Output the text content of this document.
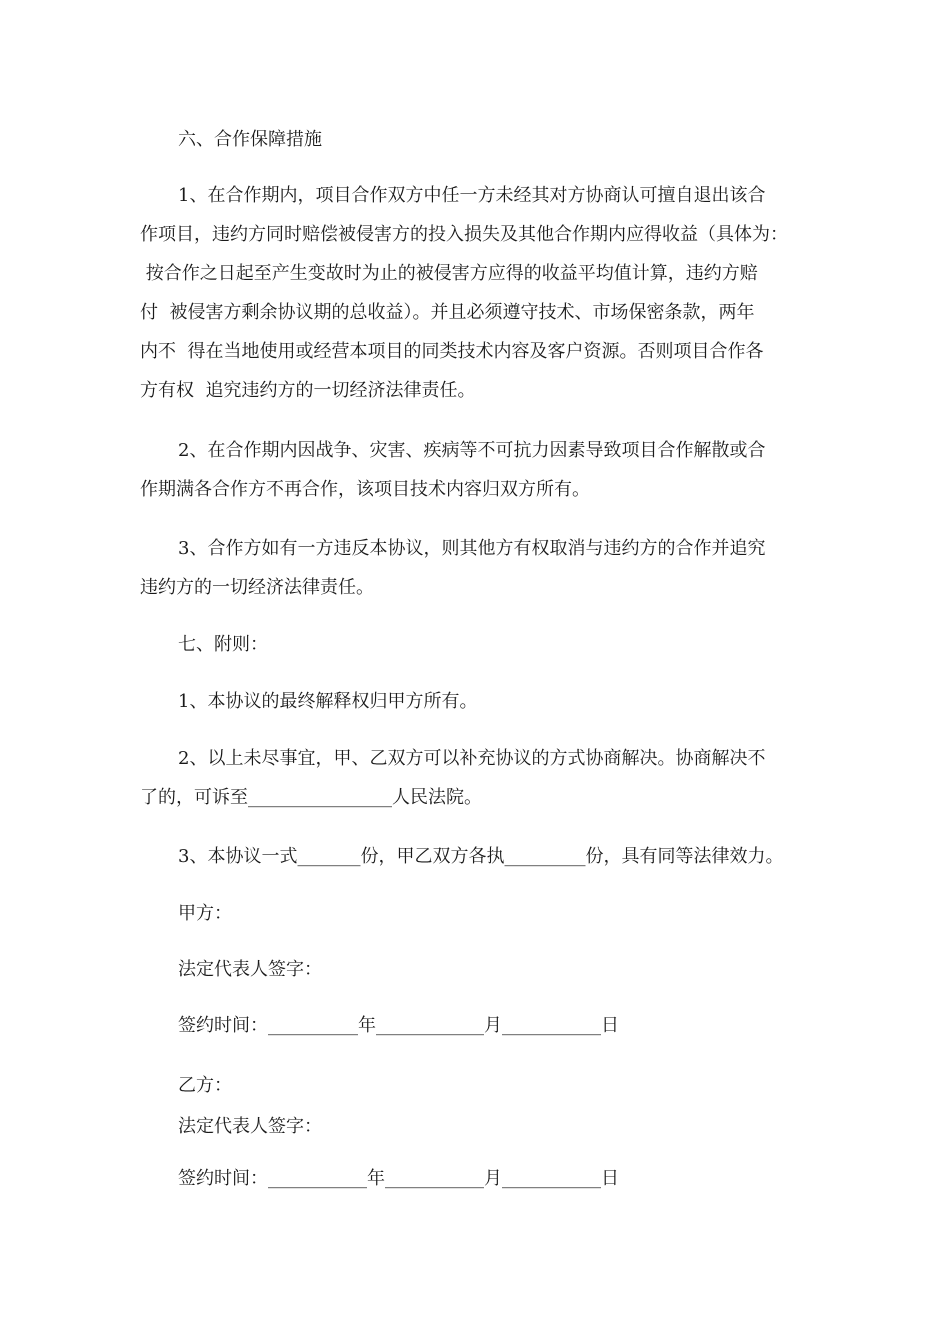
六、合作保障措施
1、在合作期内，项目合作双方中任一方未经其对方协商认可擅自退出该合
作项目，违约方同时赔偿被侵害方的投入损失及其他合作期内应得收益（具体为：
按合作之日起至产生变故时为止的被侵害方应得的收益平均值计算，违约方赔
付  被侵害方剩余协议期的总收益）。并且必须遵守技术、市场保密条款，两年
内不  得在当地使用或经营本项目的同类技术内容及客户资源。否则项目合作各
方有权  追究违约方的一切经济法律责任。
2、在合作期内因战争、灾害、疾病等不可抗力因素导致项目合作解散或合
作期满各合作方不再合作，该项目技术内容归双方所有。
3、合作方如有一方违反本协议，则其他方有权取消与违约方的合作并追究
违约方的一切经济法律责任。
七、附则：
1、本协议的最终解释权归甲方所有。
2、以上未尽事宜，甲、乙双方可以补充协议的方式协商解决。协商解决不
了的，可诉至________________人民法院。
3、本协议一式_______份，甲乙双方各执_________份，具有同等法律效力。
甲方：
法定代表人签字：
签约时间：__________年____________月___________日
乙方：
法定代表人签字：
签约时间：___________年___________月___________日
